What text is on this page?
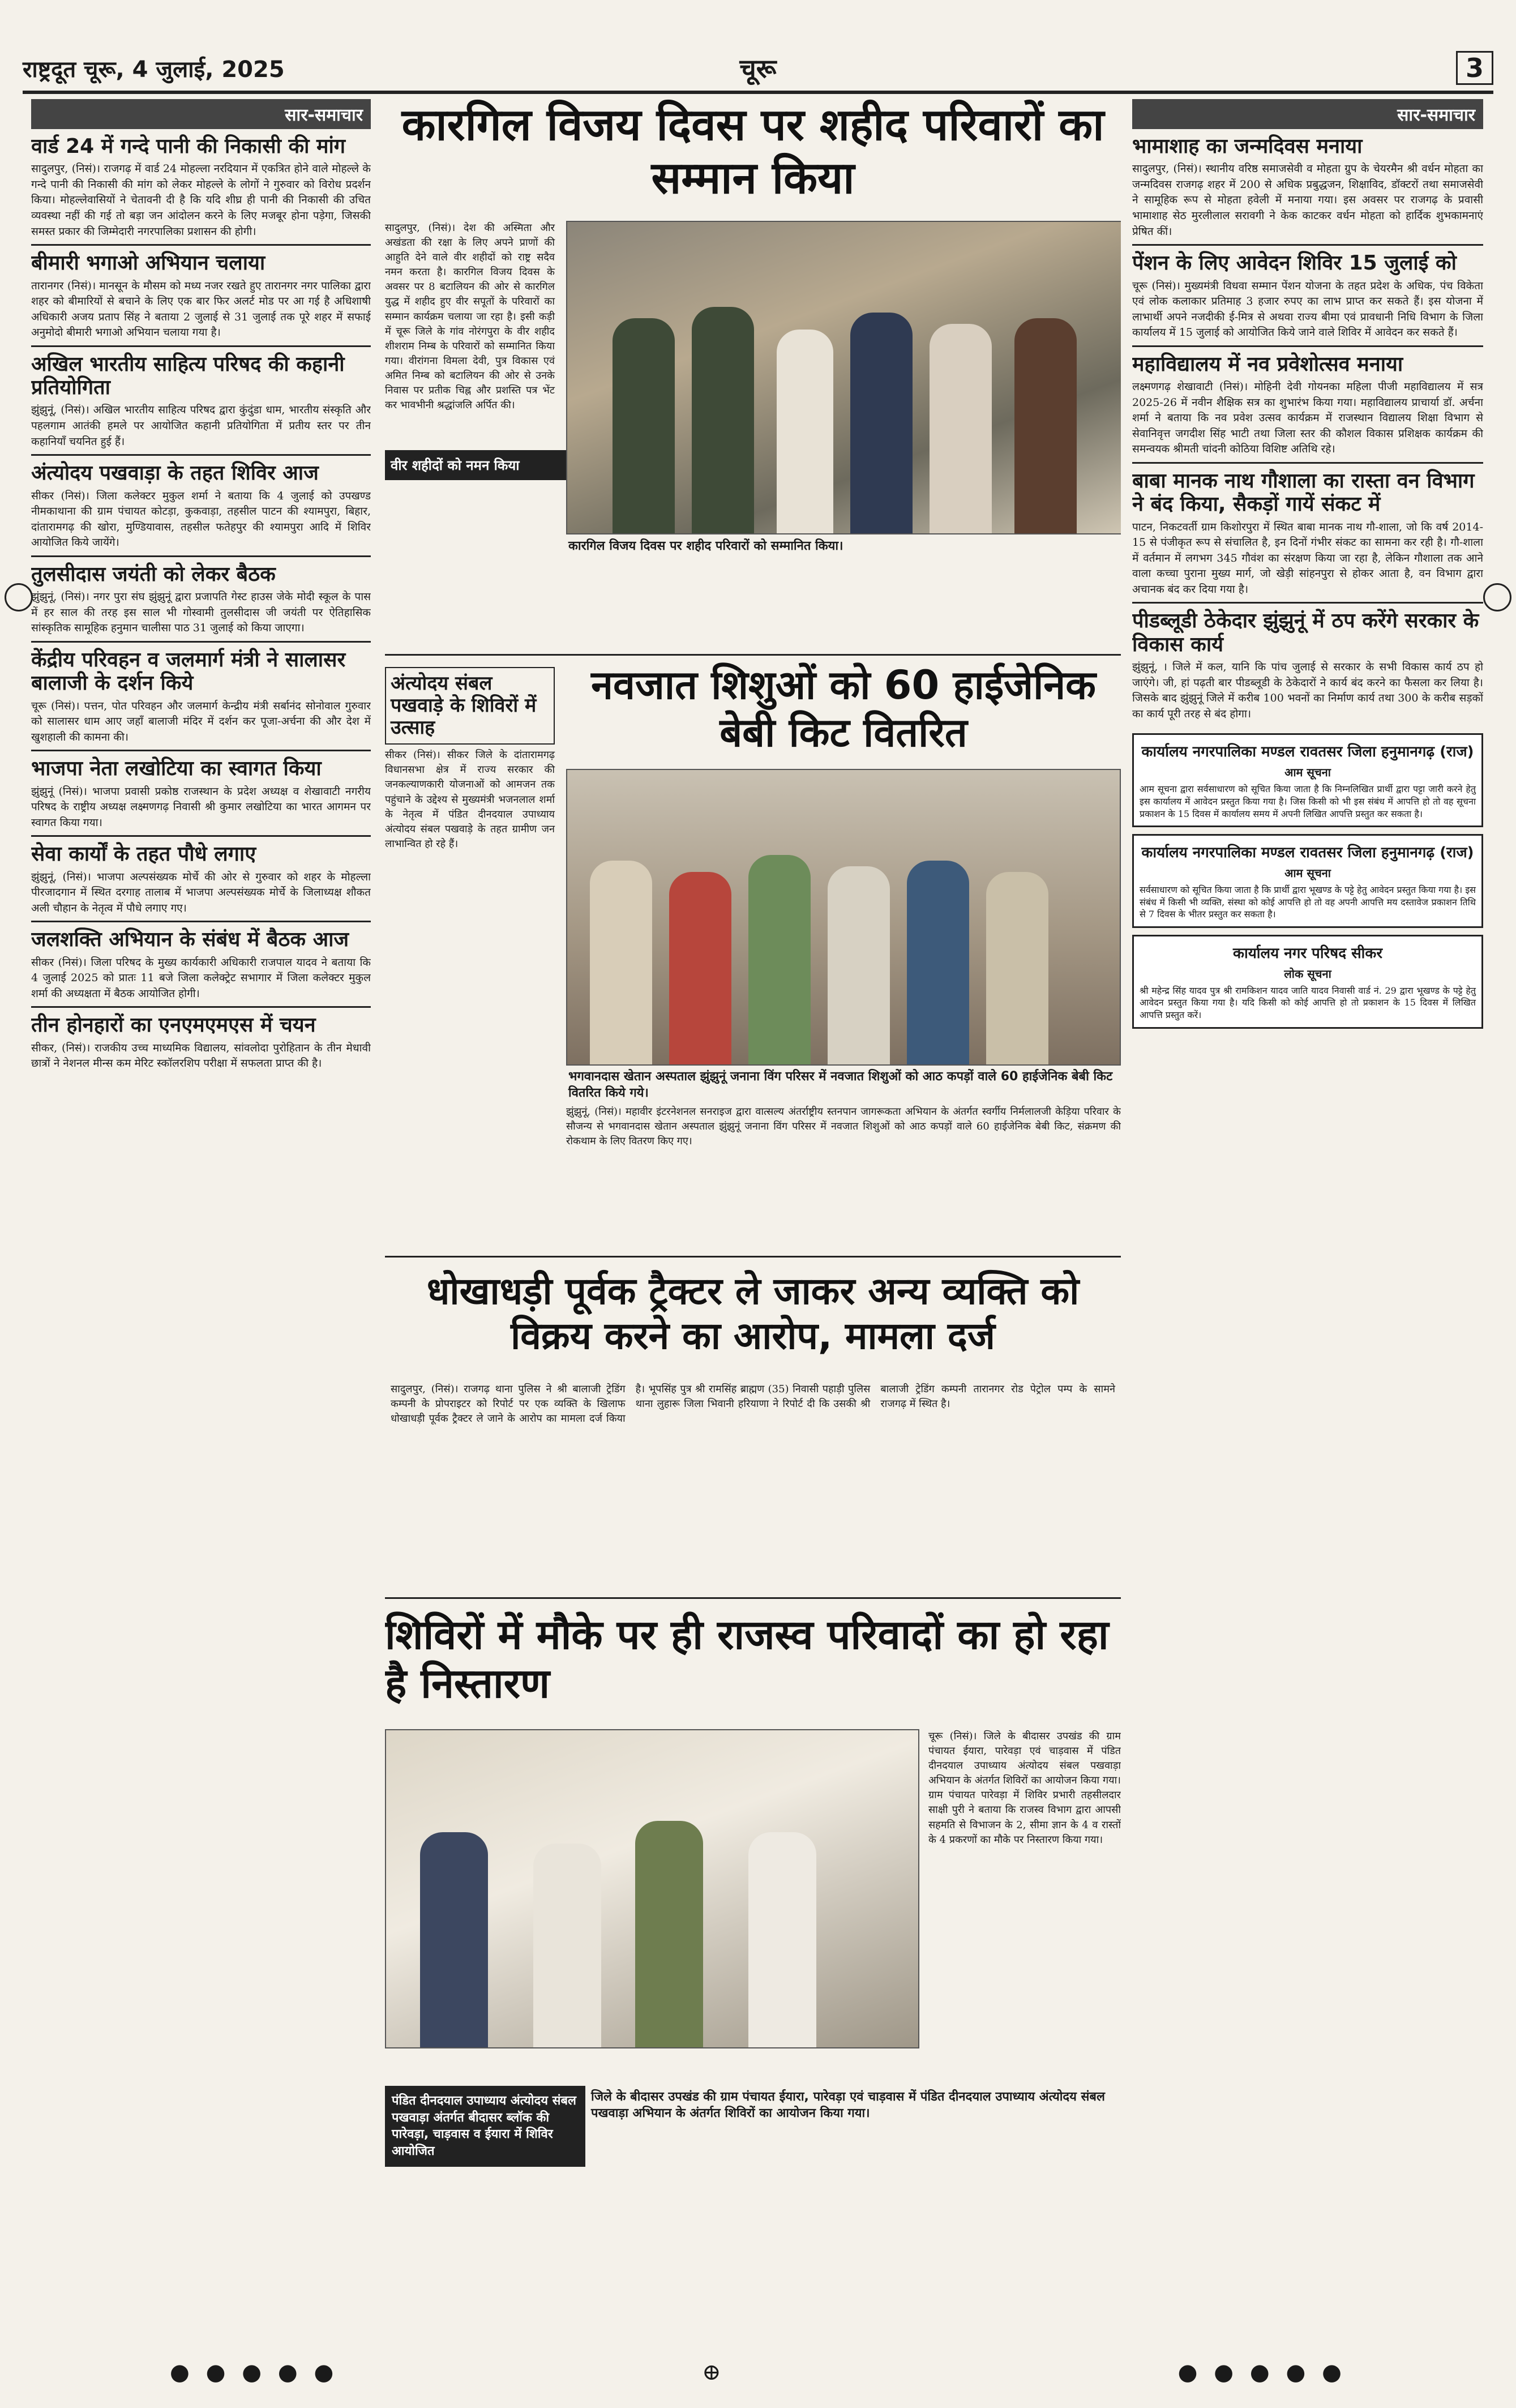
राष्ट्रदूत चूरू, 4 जुलाई, 2025	चूरू	3
सार-समाचार
वार्ड 24 में गन्दे पानी की निकासी की मांग

सादुलपुर, (निसं)। राजगढ़ में वार्ड 24 मोहल्ला नरदियान में एकत्रित होने वाले मोहल्ले के गन्दे पानी की निकासी की मांग को लेकर मोहल्ले के लोगों ने गुरुवार को विरोध प्रदर्शन किया। मोहल्लेवासियों ने चेतावनी दी है कि यदि शीघ्र ही पानी की निकासी की उचित व्यवस्था नहीं की गई तो बड़ा जन आंदोलन करने के लिए मजबूर होना पड़ेगा, जिसकी समस्त प्रकार की जिम्मेदारी नगरपालिका प्रशासन की होगी।

बीमारी भगाओ अभियान चलाया

तारानगर (निसं)। मानसून के मौसम को मध्य नजर रखते हुए तारानगर नगर पालिका द्वारा शहर को बीमारियों से बचाने के लिए एक बार फिर अलर्ट मोड पर आ गई है अधिशाषी अधिकारी अजय प्रताप सिंह ने बताया 2 जुलाई से 31 जुलाई तक पूरे शहर में सफाई अनुमोदो बीमारी भगाओ अभियान चलाया गया है।

अखिल भारतीय साहित्य परिषद की कहानी प्रतियोगिता

झुंझुनूं, (निसं)। अखिल भारतीय साहित्य परिषद द्वारा कुंदुंडा धाम, भारतीय संस्कृति और पहलगाम आतंकी हमले पर आयोजित कहानी प्रतियोगिता में प्रतीय स्तर पर तीन कहानियाँ चयनित हुई हैं।

अंत्योदय पखवाड़ा के तहत शिविर आज

सीकर (निसं)। जिला कलेक्टर मुकुल शर्मा ने बताया कि 4 जुलाई को उपखण्ड नीमकाथाना की ग्राम पंचायत कोटड़ा, कुकवाड़ा, तहसील पाटन की श्यामपुरा, बिहार, दांतारामगढ़ की खोरा, मुण्डियावास, तहसील फतेहपुर की श्यामपुरा आदि में शिविर आयोजित किये जायेंगे।

तुलसीदास जयंती को लेकर बैठक

झुंझुनूं, (निसं)। नगर पुरा संघ झुंझुनूं द्वारा प्रजापति गेस्ट हाउस जेके मोदी स्कूल के पास में हर साल की तरह इस साल भी गोस्वामी तुलसीदास जी जयंती पर ऐतिहासिक सांस्कृतिक सामूहिक हनुमान चालीसा पाठ 31 जुलाई को किया जाएगा।

केंद्रीय परिवहन व जलमार्ग मंत्री ने सालासर बालाजी के दर्शन किये

चूरू (निसं)। पत्तन, पोत परिवहन और जलमार्ग केन्द्रीय मंत्री सर्बानंद सोनोवाल गुरुवार को सालासर धाम आए जहाँ बालाजी मंदिर में दर्शन कर पूजा-अर्चना की और देश में खुशहाली की कामना की।

भाजपा नेता लखोटिया का स्वागत किया

झुंझुनूं (निसं)। भाजपा प्रवासी प्रकोष्ठ राजस्थान के प्रदेश अध्यक्ष व शेखावाटी नगरीय परिषद के राष्ट्रीय अध्यक्ष लक्ष्मणगढ़ निवासी श्री कुमार लखोटिया का भारत आगमन पर स्वागत किया गया।

सेवा कार्यों के तहत पौधे लगाए

झुंझुनूं, (निसं)। भाजपा अल्पसंख्यक मोर्चे की ओर से गुरुवार को शहर के मोहल्ला पीरजादगान में स्थित दरगाह तालाब में भाजपा अल्पसंख्यक मोर्चे के जिलाध्यक्ष शौकत अली चौहान के नेतृत्व में पौधे लगाए गए।

जलशक्ति अभियान के संबंध में बैठक आज

सीकर (निसं)। जिला परिषद के मुख्य कार्यकारी अधिकारी राजपाल यादव ने बताया कि 4 जुलाई 2025 को प्रातः 11 बजे जिला कलेक्ट्रेट सभागार में जिला कलेक्टर मुकुल शर्मा की अध्यक्षता में बैठक आयोजित होगी।

तीन होनहारों का एनएमएमएस में चयन

सीकर, (निसं)। राजकीय उच्च माध्यमिक विद्यालय, सांवलोदा पुरोहितान के तीन मेधावी छात्रों ने नेशनल मीन्स कम मेरिट स्कॉलरशिप परीक्षा में सफलता प्राप्त की है।

कारगिल विजय दिवस पर शहीद परिवारों का सम्मान किया

सादुलपुर, (निसं)। देश की अस्मिता और अखंडता की रक्षा के लिए अपने प्राणों की आहुति देने वाले वीर शहीदों को राष्ट्र सदैव नमन करता है। कारगिल विजय दिवस के अवसर पर 8 बटालियन की ओर से कारगिल युद्ध में शहीद हुए वीर सपूतों के परिवारों का सम्मान कार्यक्रम चलाया जा रहा है। इसी कड़ी में चूरू जिले के गांव नोरंगपुरा के वीर शहीद शीशराम निम्ब के परिवारों को सम्मानित किया गया। वीरांगना विमला देवी, पुत्र विकास एवं अमित निम्ब को बटालियन की ओर से उनके निवास पर प्रतीक चिह्न और प्रशस्ति पत्र भेंट कर भावभीनी श्रद्धांजलि अर्पित की।

कारगिल विजय दिवस पर शहीद परिवारों को सम्मानित किया।
वीर शहीदों को नमन किया
अंत्योदय संबल पखवाड़े के शिविरों में उत्साह

सीकर (निसं)। सीकर जिले के दांतारामगढ़ विधानसभा क्षेत्र में राज्य सरकार की जनकल्याणकारी योजनाओं को आमजन तक पहुंचाने के उद्देश्य से मुख्यमंत्री भजनलाल शर्मा के नेतृत्व में पंडित दीनदयाल उपाध्याय अंत्योदय संबल पखवाड़े के तहत ग्रामीण जन लाभान्वित हो रहे हैं।

नवजात शिशुओं को 60 हाईजेनिक बेबी किट वितरित
भगवानदास खेतान अस्पताल झुंझुनूं जनाना विंग परिसर में नवजात शिशुओं को आठ कपड़ों वाले 60 हाईजेनिक बेबी किट वितरित किये गये।

झुंझुनूं, (निसं)। महावीर इंटरनेशनल सनराइज द्वारा वात्सल्य अंतर्राष्ट्रीय स्तनपान जागरूकता अभियान के अंतर्गत स्वर्गीय निर्मलालजी केड़िया परिवार के सौजन्य से भगवानदास खेतान अस्पताल झुंझुनूं जनाना विंग परिसर में नवजात शिशुओं को आठ कपड़ों वाले 60 हाईजेनिक बेबी किट, संक्रमण की रोकथाम के लिए वितरण किए गए।

धोखाधड़ी पूर्वक ट्रैक्टर ले जाकर अन्य व्यक्ति को विक्रय करने का आरोप, मामला दर्ज

सादुलपुर, (निसं)। राजगढ़ थाना पुलिस ने श्री बालाजी ट्रेडिंग कम्पनी के प्रोपराइटर को रिपोर्ट पर एक व्यक्ति के खिलाफ धोखाधड़ी पूर्वक ट्रैक्टर ले जाने के आरोप का मामला दर्ज किया है। भूपसिंह पुत्र श्री रामसिंह ब्राह्मण (35) निवासी पहाड़ी पुलिस थाना लुहारू जिला भिवानी हरियाणा ने रिपोर्ट दी कि उसकी श्री बालाजी ट्रेडिंग कम्पनी तारानगर रोड पेट्रोल पम्प के सामने राजगढ़ में स्थित है।

शिविरों में मौके पर ही राजस्व परिवादों का हो रहा है निस्तारण

चूरू (निसं)। जिले के बीदासर उपखंड की ग्राम पंचायत ईयारा, पारेवड़ा एवं चाड़वास में पंडित दीनदयाल उपाध्याय अंत्योदय संबल पखवाड़ा अभियान के अंतर्गत शिविरों का आयोजन किया गया। ग्राम पंचायत पारेवड़ा में शिविर प्रभारी तहसीलदार साक्षी पुरी ने बताया कि राजस्व विभाग द्वारा आपसी सहमति से विभाजन के 2, सीमा ज्ञान के 4 व रास्तों के 4 प्रकरणों का मौके पर निस्तारण किया गया।

पंडित दीनदयाल उपाध्याय अंत्योदय संबल पखवाड़ा अंतर्गत बीदासर ब्लॉक की पारेवड़ा, चाड़वास व ईयारा में शिविर आयोजित
जिले के बीदासर उपखंड की ग्राम पंचायत ईयारा, पारेवड़ा एवं चाड़वास में पंडित दीनदयाल उपाध्याय अंत्योदय संबल पखवाड़ा अभियान के अंतर्गत शिविरों का आयोजन किया गया।
सार-समाचार
भामाशाह का जन्मदिवस मनाया

सादुलपुर, (निसं)। स्थानीय वरिष्ठ समाजसेवी व मोहता ग्रुप के चेयरमैन श्री वर्धन मोहता का जन्मदिवस राजगढ़ शहर में 200 से अधिक प्रबुद्धजन, शिक्षाविद, डॉक्टरों तथा समाजसेवी ने सामूहिक रूप से मोहता हवेली में मनाया गया। इस अवसर पर राजगढ़ के प्रवासी भामाशाह सेठ मुरलीलाल सरावगी ने केक काटकर वर्धन मोहता को हार्दिक शुभकामनाएं प्रेषित कीं।

पेंशन के लिए आवेदन शिविर 15 जुलाई को

चूरू (निसं)। मुख्यमंत्री विधवा सम्मान पेंशन योजना के तहत प्रदेश के अधिक, पंच विकेता एवं लोक कलाकार प्रतिमाह 3 हजार रुपए का लाभ प्राप्त कर सकते हैं। इस योजना में लाभार्थी अपने नजदीकी ई-मित्र से अथवा राज्य बीमा एवं प्रावधानी निधि विभाग के जिला कार्यालय में 15 जुलाई को आयोजित किये जाने वाले शिविर में आवेदन कर सकते हैं।

महाविद्यालय में नव प्रवेशोत्सव मनाया

लक्ष्मणगढ़ शेखावाटी (निसं)। मोहिनी देवी गोयनका महिला पीजी महाविद्यालय में सत्र 2025-26 में नवीन शैक्षिक सत्र का शुभारंभ किया गया। महाविद्यालय प्राचार्या डॉ. अर्चना शर्मा ने बताया कि नव प्रवेश उत्सव कार्यक्रम में राजस्थान विद्यालय शिक्षा विभाग से सेवानिवृत्त जगदीश सिंह भाटी तथा जिला स्तर की कौशल विकास प्रशिक्षक कार्यक्रम की समन्वयक श्रीमती चांदनी कोठिया विशिष्ट अतिथि रहे।

बाबा मानक नाथ गौशाला का रास्ता वन विभाग ने बंद किया, सैकड़ों गायें संकट में

पाटन, निकटवर्ती ग्राम किशोरपुरा में स्थित बाबा मानक नाथ गौ-शाला, जो कि वर्ष 2014-15 से पंजीकृत रूप से संचालित है, इन दिनों गंभीर संकट का सामना कर रही है। गौ-शाला में वर्तमान में लगभग 345 गौवंश का संरक्षण किया जा रहा है, लेकिन गौशाला तक आने वाला कच्चा पुराना मुख्य मार्ग, जो खेड़ी सांहनपुरा से होकर आता है, वन विभाग द्वारा अचानक बंद कर दिया गया है।

पीडब्लूडी ठेकेदार झुंझुनूं में ठप करेंगे सरकार के विकास कार्य

झुंझुनूं, । जिले में कल, यानि कि पांच जुलाई से सरकार के सभी विकास कार्य ठप हो जाएंगे। जी, हां पढ़ती बार पीडब्लूडी के ठेकेदारों ने कार्य बंद करने का फैसला कर लिया है। जिसके बाद झुंझुनूं जिले में करीब 100 भवनों का निर्माण कार्य तथा 300 के करीब सड़कों का कार्य पूरी तरह से बंद होगा।

कार्यालय नगरपालिका मण्डल रावतसर जिला हनुमानगढ़ (राज)
आम सूचना
आम सूचना द्वारा सर्वसाधारण को सूचित किया जाता है कि निम्नलिखित प्रार्थी द्वारा पट्टा जारी करने हेतु इस कार्यालय में आवेदन प्रस्तुत किया गया है। जिस किसी को भी इस संबंध में आपत्ति हो तो वह सूचना प्रकाशन के 15 दिवस में कार्यालय समय में अपनी लिखित आपत्ति प्रस्तुत कर सकता है।
कार्यालय नगरपालिका मण्डल रावतसर जिला हनुमानगढ़ (राज)
आम सूचना
सर्वसाधारण को सूचित किया जाता है कि प्रार्थी द्वारा भूखण्ड के पट्टे हेतु आवेदन प्रस्तुत किया गया है। इस संबंध में किसी भी व्यक्ति, संस्था को कोई आपत्ति हो तो वह अपनी आपत्ति मय दस्तावेज प्रकाशन तिथि से 7 दिवस के भीतर प्रस्तुत कर सकता है।
कार्यालय नगर परिषद सीकर
लोक सूचना
श्री महेन्द्र सिंह यादव पुत्र श्री रामकिशन यादव जाति यादव निवासी वार्ड नं. 29 द्वारा भूखण्ड के पट्टे हेतु आवेदन प्रस्तुत किया गया है। यदि किसी को कोई आपत्ति हो तो प्रकाशन के 15 दिवस में लिखित आपत्ति प्रस्तुत करें।
● ● ● ● ●	⊕	● ● ● ● ●
